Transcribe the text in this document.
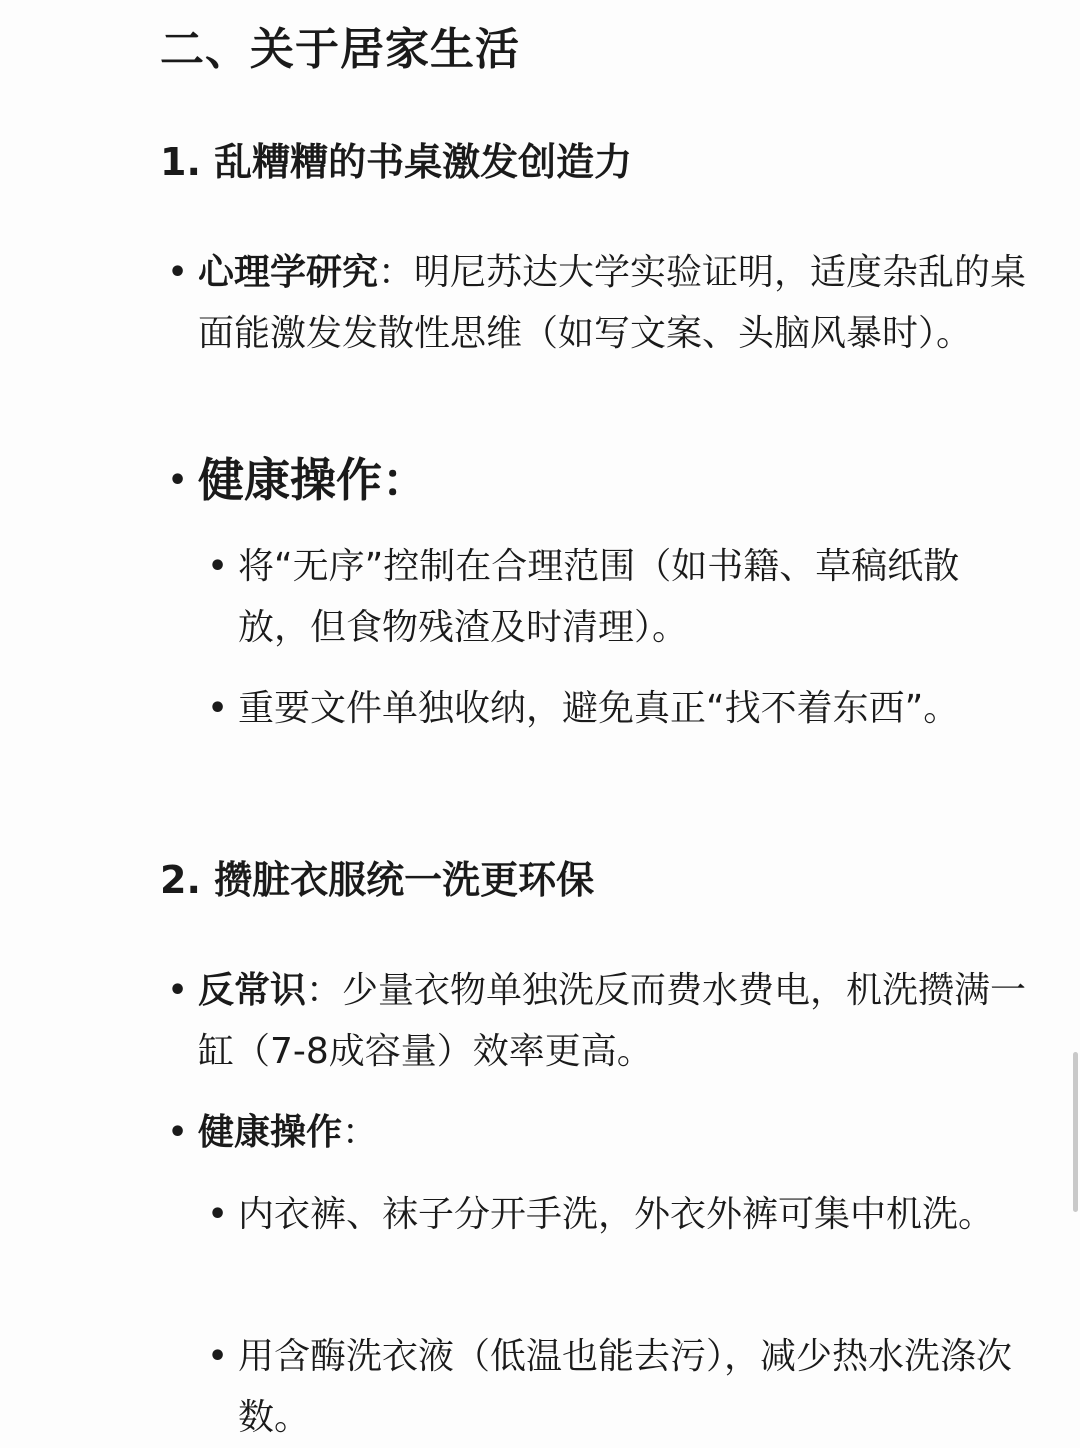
二、关于居家生活
1. 乱糟糟的书桌激发创造力
• 心理学研究：明尼苏达大学实验证明，适度杂乱的桌面能激发发散性思维（如写文案、头脑风暴时）。
• 健康操作：
• 将“无序”控制在合理范围（如书籍、草稿纸散放，但食物残渣及时清理）。
• 重要文件单独收纳，避免真正“找不着东西”。
2. 攒脏衣服统一洗更环保
• 反常识：少量衣物单独洗反而费水费电，机洗攒满一缸（7-8成容量）效率更高。
• 健康操作：
• 内衣裤、袜子分开手洗，外衣外裤可集中机洗。
• 用含酶洗衣液（低温也能去污），减少热水洗涤次数。
